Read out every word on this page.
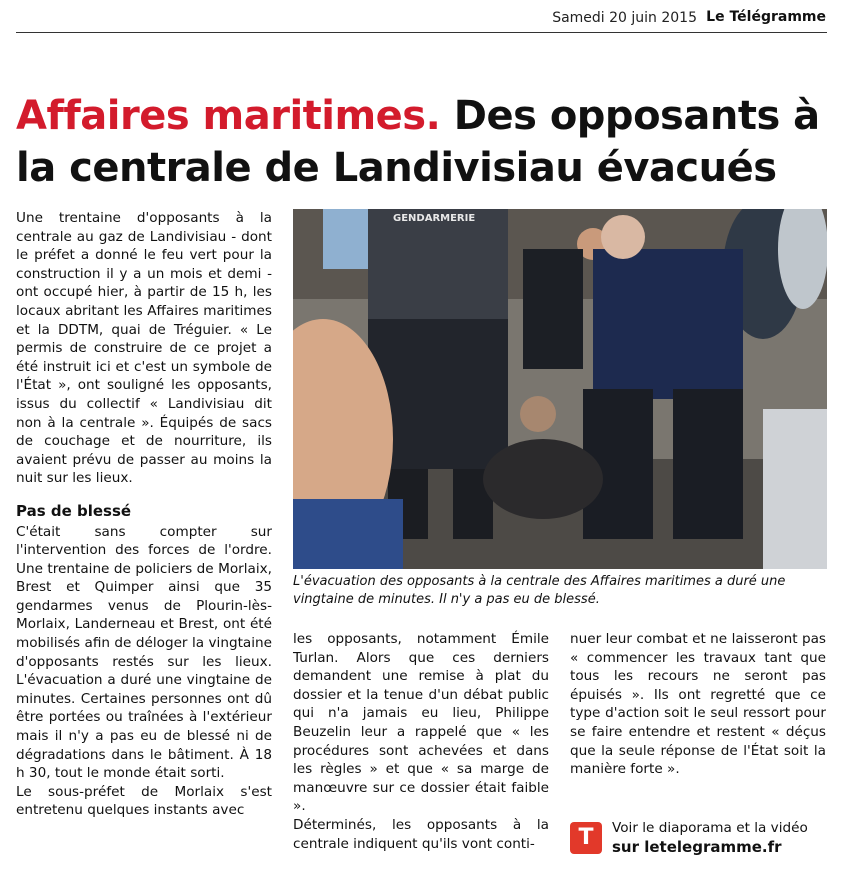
Samedi 20 juin 2015 Le Télégramme
Affaires maritimes. Des opposants à la centrale de Landivisiau évacués

Une trentaine d'opposants à la centrale au gaz de Landivisiau - dont le préfet a donné le feu vert pour la construction il y a un mois et demi - ont occupé hier, à partir de 15 h, les locaux abritant les Affaires maritimes et la DDTM, quai de Tréguier. « Le permis de construire de ce projet a été instruit ici et c'est un symbole de l'État », ont souligné les opposants, issus du collectif « Landivisiau dit non à la centrale ». Équipés de sacs de couchage et de nourriture, ils avaient prévu de passer au moins la nuit sur les lieux.

Pas de blessé

C'était sans compter sur l'intervention des forces de l'ordre. Une trentaine de policiers de Morlaix, Brest et Quimper ainsi que 35 gendarmes venus de Plourin-lès-Morlaix, Landerneau et Brest, ont été mobilisés afin de déloger la vingtaine d'opposants restés sur les lieux. L'évacuation a duré une vingtaine de minutes. Certaines personnes ont dû être portées ou traînées à l'extérieur mais il n'y a pas eu de blessé ni de dégradations dans le bâtiment. À 18 h 30, tout le monde était sorti.

Le sous-préfet de Morlaix s'est entretenu quelques instants avec

GENDARMERIE

L'évacuation des opposants à la centrale des Affaires maritimes a duré une vingtaine de minutes. Il n'y a pas eu de blessé.

les opposants, notamment Émile Turlan. Alors que ces derniers demandent une remise à plat du dossier et la tenue d'un débat public qui n'a jamais eu lieu, Philippe Beuzelin leur a rappelé que « les procédures sont achevées et dans les règles » et que « sa marge de manœuvre sur ce dossier était faible ».

Déterminés, les opposants à la centrale indiquent qu'ils vont conti-

nuer leur combat et ne laisseront pas « commencer les travaux tant que tous les recours ne seront pas épuisés ». Ils ont regretté que ce type d'action soit le seul ressort pour se faire entendre et restent « déçus que la seule réponse de l'État soit la manière forte ».

T	Voir le diaporama et la vidéo
sur letelegramme.fr
